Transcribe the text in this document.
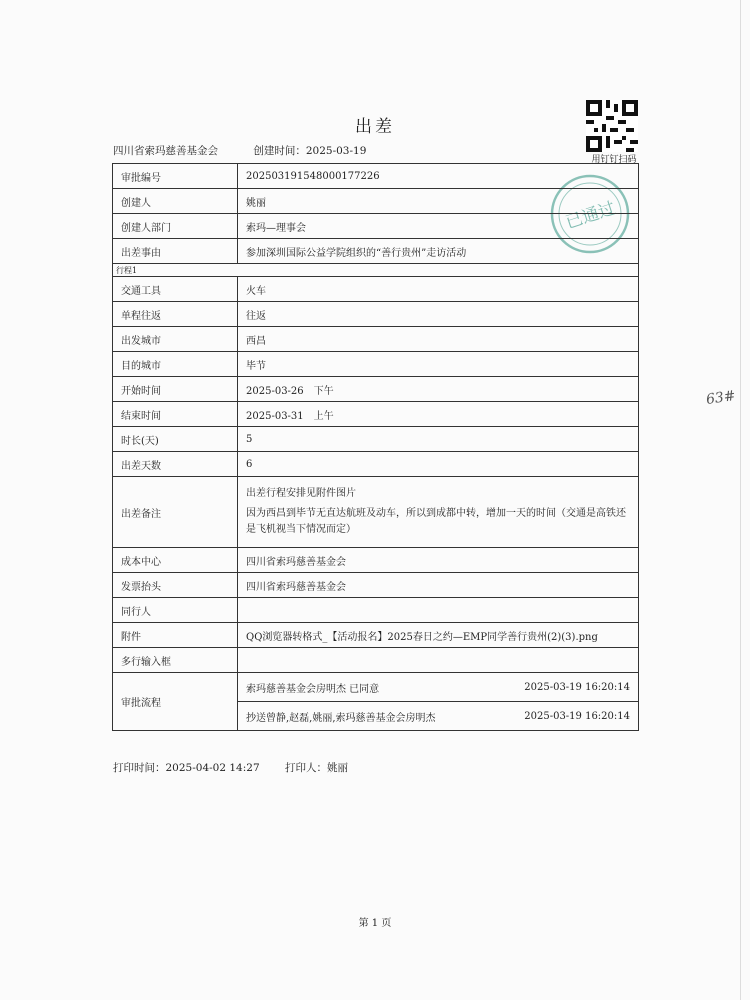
出差
四川省索玛慈善基金会	创建时间：2025-03-19
用钉钉扫码
已通过
审批编号	202503191548000177226
创建人	姚丽
创建人部门	索玛—理事会
出差事由	参加深圳国际公益学院组织的“善行贵州”走访活动
行程1	
交通工具	火车
单程往返	往返
出发城市	西昌
目的城市	毕节
开始时间	2025-03-26　下午
结束时间	2025-03-31　上午
时长(天)	5
出差天数	6
出差备注	出差行程安排见附件图片
因为西昌到毕节无直达航班及动车，所以到成都中转，增加一天的时间（交通是高铁还是飞机视当下情况而定）

成本中心	四川省索玛慈善基金会
发票抬头	四川省索玛慈善基金会
同行人	
附件	QQ浏览器转格式_【活动报名】2025春日之约—EMP同学善行贵州(2)(3).png
多行输入框	
审批流程	索玛慈善基金会房明杰 已同意 2025-03-19 16:20:14
抄送曾静,赵磊,姚丽,索玛慈善基金会房明杰 2025-03-19 16:20:14
打印时间：2025-04-02 14:27 打印人：姚丽
63#
第 1 页
